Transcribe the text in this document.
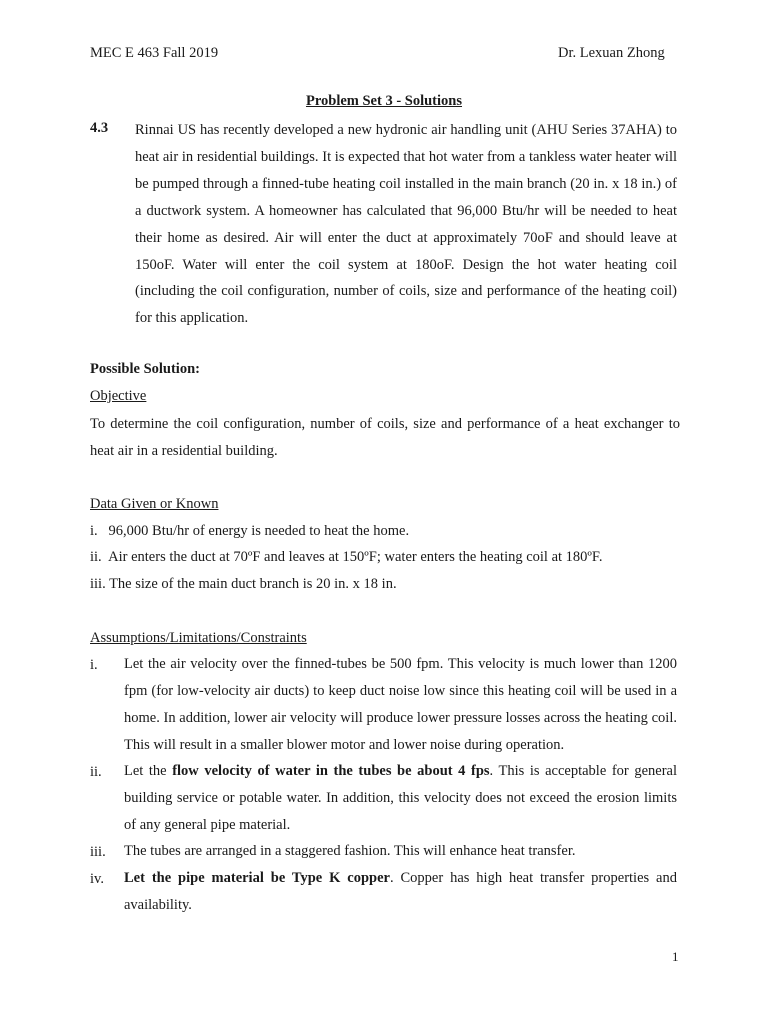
MEC E 463 Fall 2019	Dr. Lexuan Zhong
Problem Set 3 - Solutions
4.3 Rinnai US has recently developed a new hydronic air handling unit (AHU Series 37AHA) to heat air in residential buildings. It is expected that hot water from a tankless water heater will be pumped through a finned-tube heating coil installed in the main branch (20 in. x 18 in.) of a ductwork system. A homeowner has calculated that 96,000 Btu/hr will be needed to heat their home as desired. Air will enter the duct at approximately 70oF and should leave at 150oF. Water will enter the coil system at 180oF. Design the hot water heating coil (including the coil configuration, number of coils, size and performance of the heating coil) for this application.

Possible Solution:
Objective

To determine the coil configuration, number of coils, size and performance of a heat exchanger to heat air in a residential building.

Data Given or Known
i.   96,000 Btu/hr of energy is needed to heat the home.
ii.  Air enters the duct at 70ºF and leaves at 150ºF; water enters the heating coil at 180ºF.
iii. The size of the main duct branch is 20 in. x 18 in.
Assumptions/Limitations/Constraints
i. Let the air velocity over the finned-tubes be 500 fpm. This velocity is much lower than 1200 fpm (for low-velocity air ducts) to keep duct noise low since this heating coil will be used in a home. In addition, lower air velocity will produce lower pressure losses across the heating coil. This will result in a smaller blower motor and lower noise during operation.

ii. Let the flow velocity of water in the tubes be about 4 fps. This is acceptable for general building service or potable water. In addition, this velocity does not exceed the erosion limits of any general pipe material.

iii. The tubes are arranged in a staggered fashion. This will enhance heat transfer.

iv. Let the pipe material be Type K copper. Copper has high heat transfer properties and availability.

1
